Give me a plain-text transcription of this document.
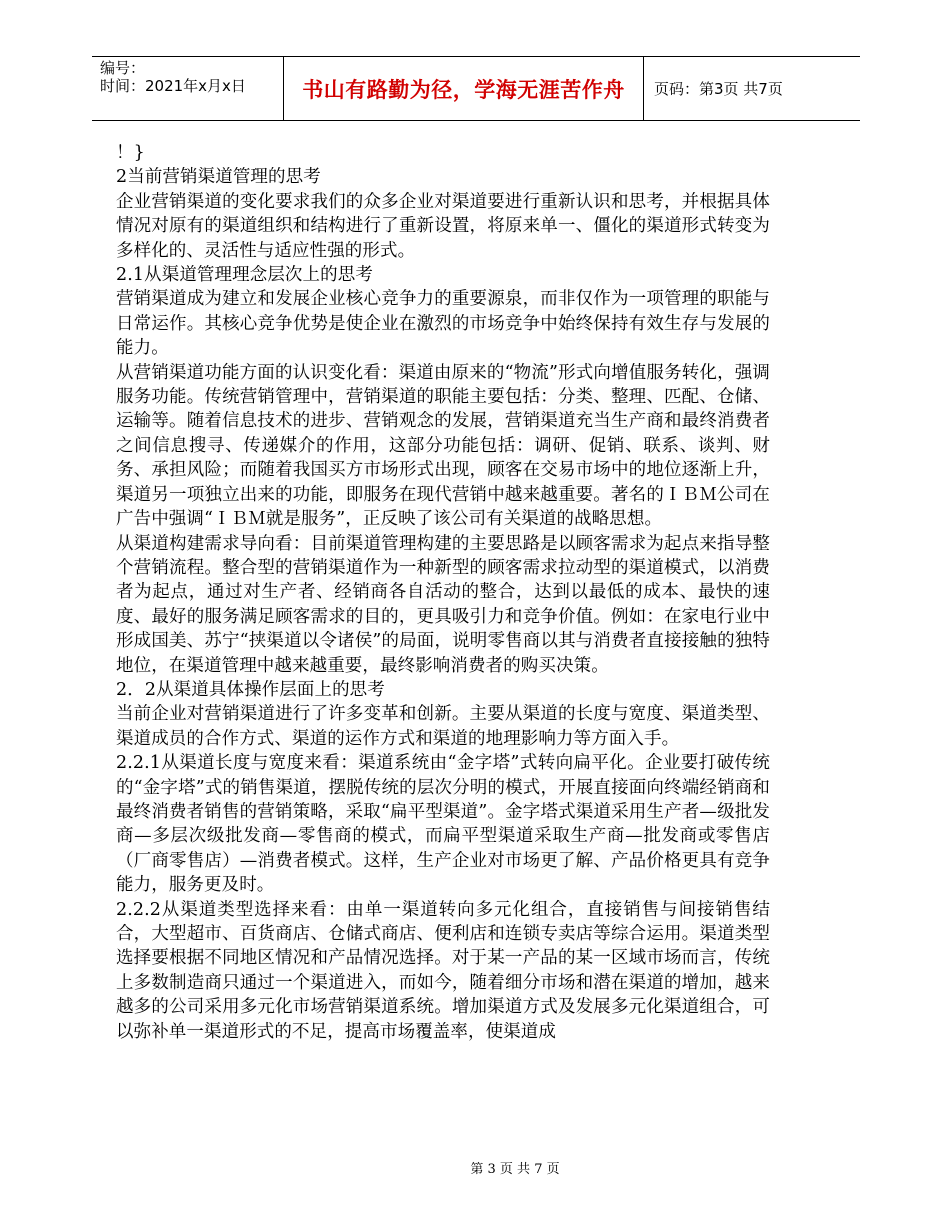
编号：
时间：2021年x月x日	书山有路勤为径，学海无涯苦作舟	页码：第3页 共7页

！}

2当前营销渠道管理的思考

企业营销渠道的变化要求我们的众多企业对渠道要进行重新认识和思考，并根据具体情况对原有的渠道组织和结构进行了重新设置，将原来单一、僵化的渠道形式转变为多样化的、灵活性与适应性强的形式。

2.1从渠道管理理念层次上的思考

营销渠道成为建立和发展企业核心竞争力的重要源泉，而非仅作为一项管理的职能与日常运作。其核心竞争优势是使企业在激烈的市场竞争中始终保持有效生存与发展的能力。

从营销渠道功能方面的认识变化看：渠道由原来的“物流”形式向增值服务转化，强调服务功能。传统营销管理中，营销渠道的职能主要包括：分类、整理、匹配、仓储、运输等。随着信息技术的进步、营销观念的发展，营销渠道充当生产商和最终消费者之间信息搜寻、传递媒介的作用，这部分功能包括：调研、促销、联系、谈判、财务、承担风险；而随着我国买方市场形式出现，顾客在交易市场中的地位逐渐上升，渠道另一项独立出来的功能，即服务在现代营销中越来越重要。著名的ＩＢＭ公司在广告中强调“ＩＢＭ就是服务”，正反映了该公司有关渠道的战略思想。

从渠道构建需求导向看：目前渠道管理构建的主要思路是以顾客需求为起点来指导整个营销流程。整合型的营销渠道作为一种新型的顾客需求拉动型的渠道模式，以消费者为起点，通过对生产者、经销商各自活动的整合，达到以最低的成本、最快的速度、最好的服务满足顾客需求的目的，更具吸引力和竞争价值。例如：在家电行业中形成国美、苏宁“挟渠道以令诸侯”的局面，说明零售商以其与消费者直接接触的独特地位，在渠道管理中越来越重要，最终影响消费者的购买决策。

2．2从渠道具体操作层面上的思考

当前企业对营销渠道进行了许多变革和创新。主要从渠道的长度与宽度、渠道类型、渠道成员的合作方式、渠道的运作方式和渠道的地理影响力等方面入手。

2.2.1从渠道长度与宽度来看：渠道系统由“金字塔”式转向扁平化。企业要打破传统的“金字塔”式的销售渠道，摆脱传统的层次分明的模式，开展直接面向终端经销商和最终消费者销售的营销策略，采取“扁平型渠道”。金字塔式渠道采用生产者—级批发商—多层次级批发商—零售商的模式，而扁平型渠道采取生产商—批发商或零售店（厂商零售店）—消费者模式。这样，生产企业对市场更了解、产品价格更具有竞争能力，服务更及时。

2.2.2从渠道类型选择来看：由单一渠道转向多元化组合，直接销售与间接销售结合，大型超市、百货商店、仓储式商店、便利店和连锁专卖店等综合运用。渠道类型选择要根据不同地区情况和产品情况选择。对于某一产品的某一区域市场而言，传统上多数制造商只通过一个渠道进入，而如今，随着细分市场和潜在渠道的增加，越来越多的公司采用多元化市场营销渠道系统。增加渠道方式及发展多元化渠道组合，可以弥补单一渠道形式的不足，提高市场覆盖率，使渠道成

第 3 页 共 7 页
